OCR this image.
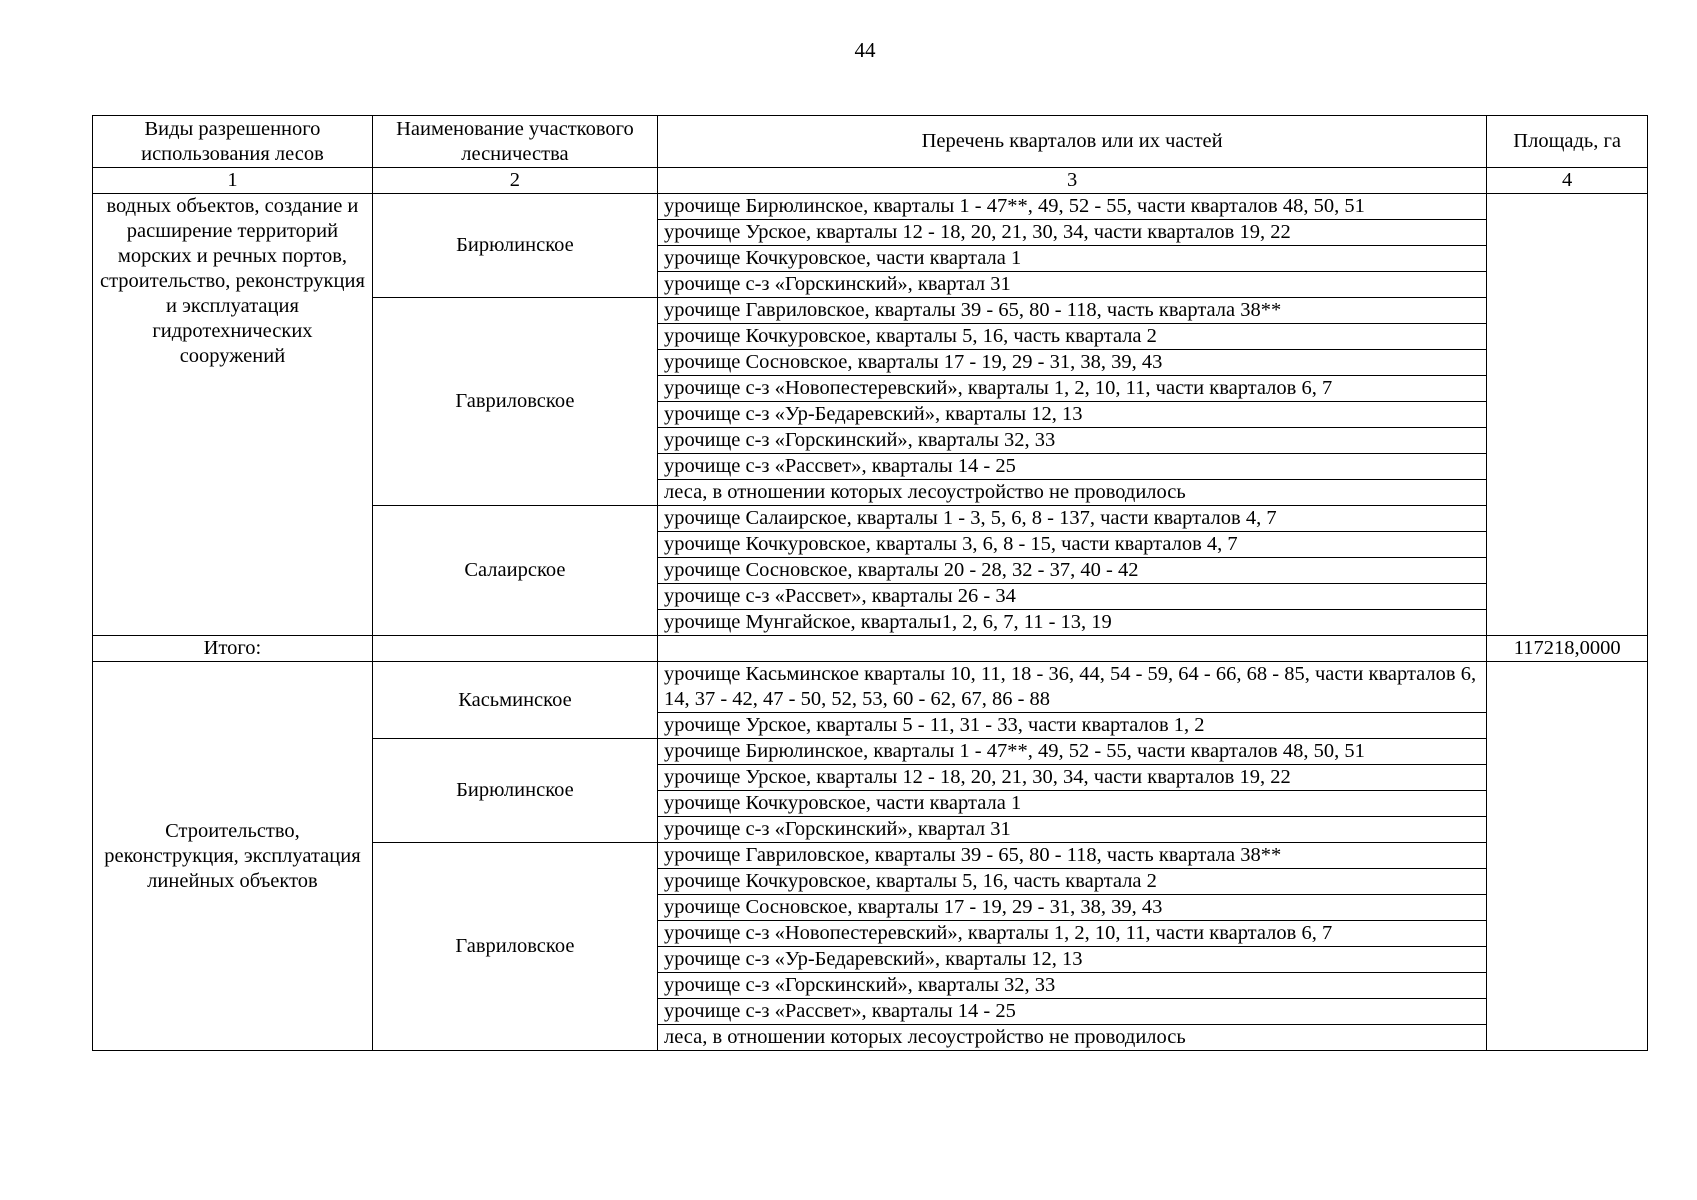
44
Виды разрешенного использования лесов	Наименование участкового лесничества	Перечень кварталов или их частей	Площадь, га
1	2	3	4
водных объектов, создание и расширение территорий морских и речных портов, строительство, реконструкция и эксплуатация гидротехнических сооружений	Бирюлинское	урочище Бирюлинское, кварталы 1 - 47**, 49, 52 - 55, части кварталов 48, 50, 51	
		урочище Урское, кварталы 12 - 18, 20, 21, 30, 34, части кварталов 19, 22	
		урочище Кочкуровское, части квартала 1	
		урочище с-з «Горскинский», квартал 31	
	Гавриловское	урочище Гавриловское, кварталы 39 - 65, 80 - 118, часть квартала 38**	
		урочище Кочкуровское, кварталы 5, 16, часть квартала 2	
		урочище Сосновское, кварталы 17 - 19, 29 - 31, 38, 39, 43	
		урочище с-з «Новопестеревский», кварталы 1, 2, 10, 11, части кварталов 6, 7	
		урочище с-з «Ур-Бедаревский», кварталы 12, 13	
		урочище с-з «Горскинский», кварталы 32, 33	
		урочище с-з «Рассвет», кварталы 14 - 25	
		леса, в отношении которых лесоустройство не проводилось	
	Салаирское	урочище Салаирское, кварталы 1 - 3, 5, 6, 8 - 137, части кварталов 4, 7	
		урочище Кочкуровское, кварталы 3, 6, 8 - 15, части кварталов 4, 7	
		урочище Сосновское, кварталы 20 - 28, 32 - 37, 40 - 42	
		урочище с-з «Рассвет», кварталы 26 - 34	
		урочище Мунгайское, кварталы1, 2, 6, 7, 11 - 13, 19	
Итого:			117218,0000
Строительство, реконструкция, эксплуатация линейных объектов	Касьминское	урочище Касьминское кварталы 10, 11, 18 - 36, 44, 54 - 59, 64 - 66, 68 - 85, части кварталов 6, 14, 37 - 42, 47 - 50, 52, 53, 60 - 62, 67, 86 - 88	
		урочище Урское, кварталы 5 - 11, 31 - 33, части кварталов 1, 2	
	Бирюлинское	урочище Бирюлинское, кварталы 1 - 47**, 49, 52 - 55, части кварталов 48, 50, 51	
		урочище Урское, кварталы 12 - 18, 20, 21, 30, 34, части кварталов 19, 22	
		урочище Кочкуровское, части квартала 1	
		урочище с-з «Горскинский», квартал 31	
	Гавриловское	урочище Гавриловское, кварталы 39 - 65, 80 - 118, часть квартала 38**	
		урочище Кочкуровское, кварталы 5, 16, часть квартала 2	
		урочище Сосновское, кварталы 17 - 19, 29 - 31, 38, 39, 43	
		урочище с-з «Новопестеревский», кварталы 1, 2, 10, 11, части кварталов 6, 7	
		урочище с-з «Ур-Бедаревский», кварталы 12, 13	
		урочище с-з «Горскинский», кварталы 32, 33	
		урочище с-з «Рассвет», кварталы 14 - 25	
		леса, в отношении которых лесоустройство не проводилось	
